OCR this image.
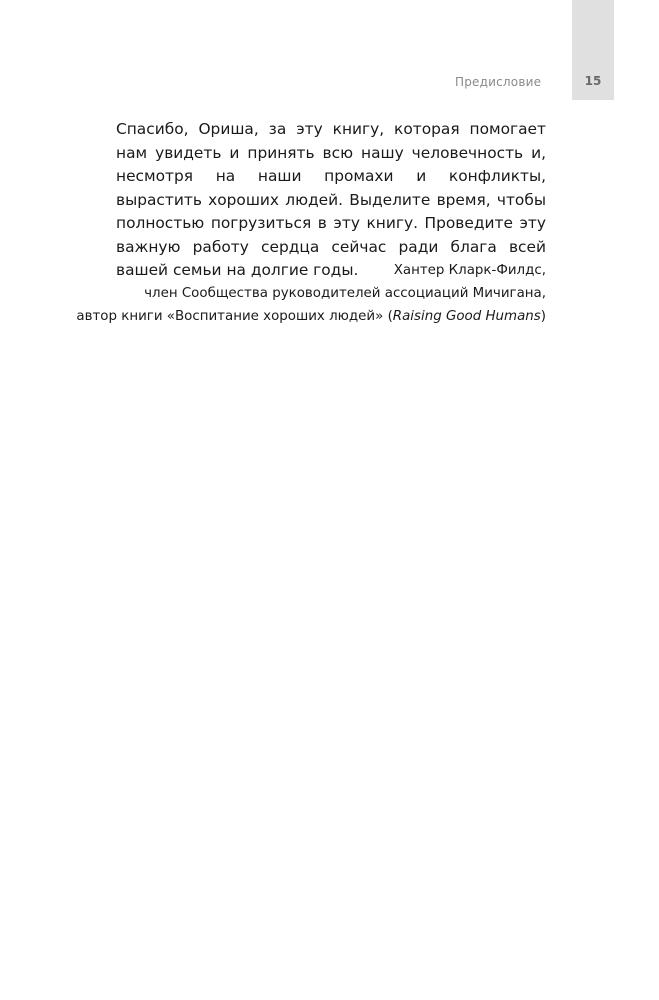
15
Предисловие

Спасибо, Ориша, за эту книгу, которая помогает нам увидеть и принять всю нашу человечность и, несмотря на наши промахи и конфликты, вырастить хороших людей. Выделите время, чтобы полностью погрузиться в эту книгу. Проведите эту важную работу сердца сейчас ради блага всей вашей семьи на долгие годы.	Хантер Кларк-Филдс,
член Сообщества руководителей ассоциаций Мичигана,
автор книги «Воспитание хороших людей» (Raising Good Humans)
